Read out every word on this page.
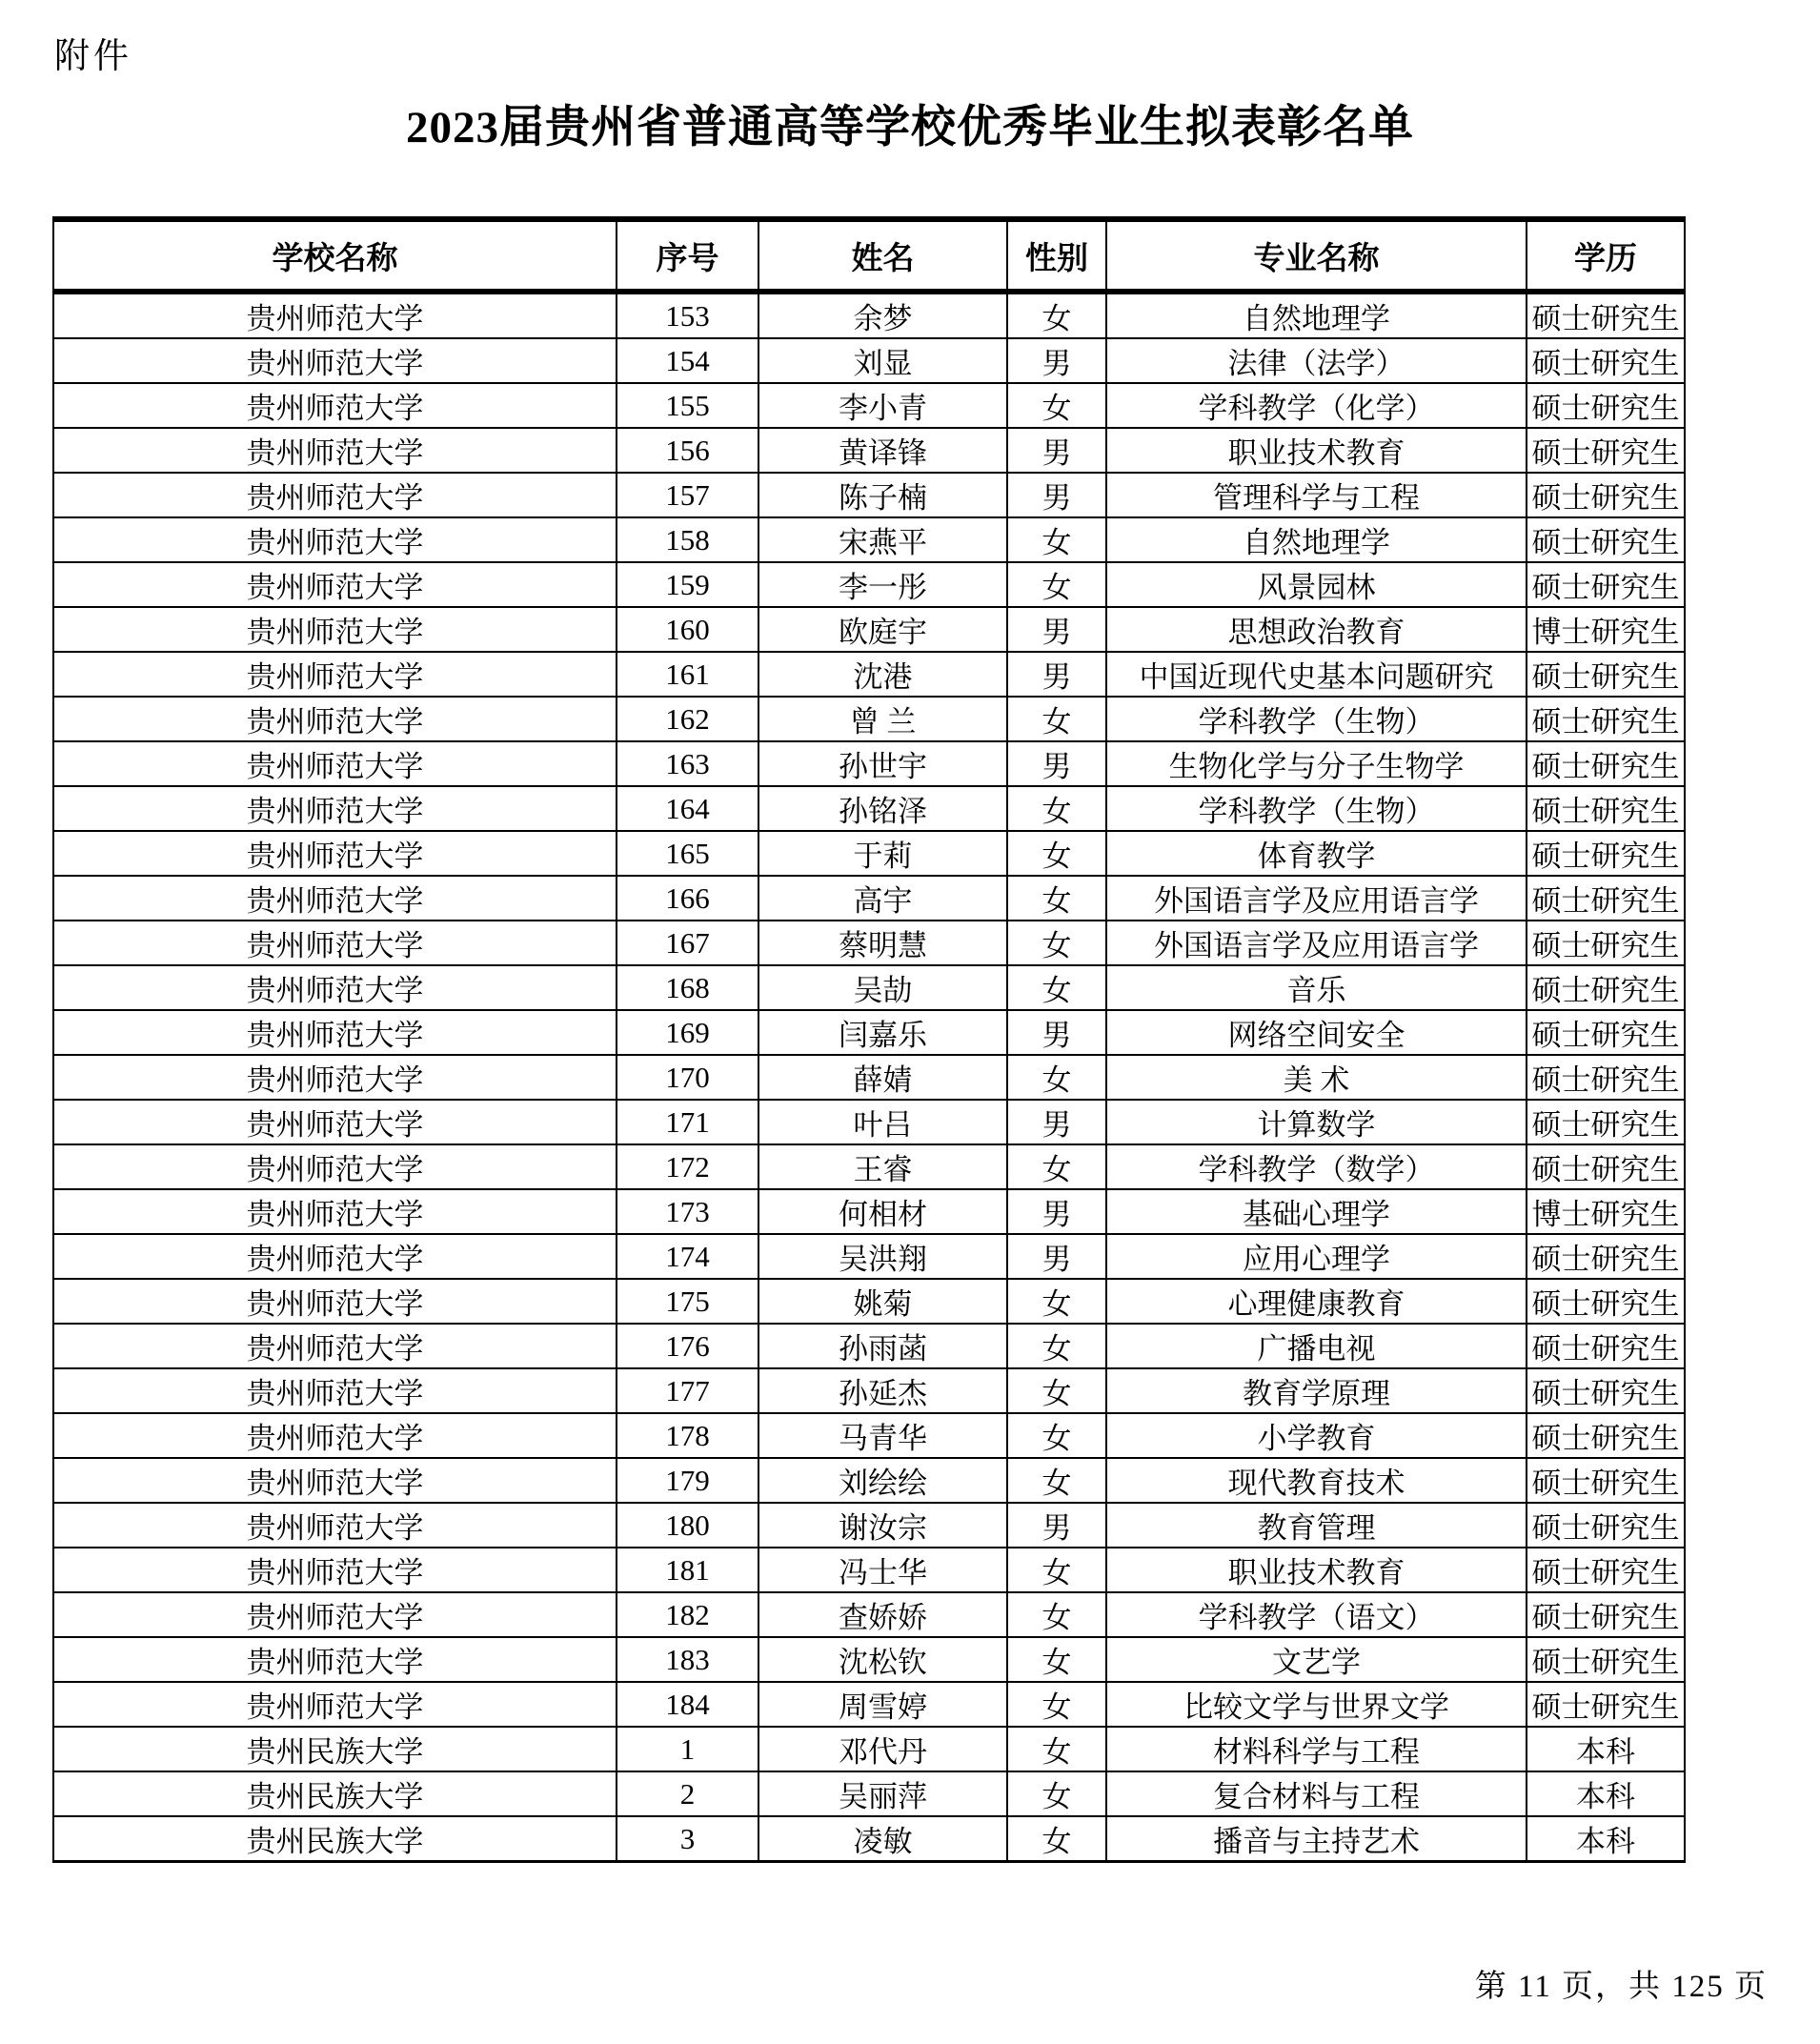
附件
2023届贵州省普通高等学校优秀毕业生拟表彰名单
学校名称	序号	姓名	性别	专业名称	学历
贵州师范大学	153	余梦	女	自然地理学	硕士研究生
贵州师范大学	154	刘显	男	法律（法学）	硕士研究生
贵州师范大学	155	李小青	女	学科教学（化学）	硕士研究生
贵州师范大学	156	黄译锋	男	职业技术教育	硕士研究生
贵州师范大学	157	陈子楠	男	管理科学与工程	硕士研究生
贵州师范大学	158	宋燕平	女	自然地理学	硕士研究生
贵州师范大学	159	李一彤	女	风景园林	硕士研究生
贵州师范大学	160	欧庭宇	男	思想政治教育	博士研究生
贵州师范大学	161	沈港	男	中国近现代史基本问题研究	硕士研究生
贵州师范大学	162	曾 兰	女	学科教学（生物）	硕士研究生
贵州师范大学	163	孙世宇	男	生物化学与分子生物学	硕士研究生
贵州师范大学	164	孙铭泽	女	学科教学（生物）	硕士研究生
贵州师范大学	165	于莉	女	体育教学	硕士研究生
贵州师范大学	166	高宇	女	外国语言学及应用语言学	硕士研究生
贵州师范大学	167	蔡明慧	女	外国语言学及应用语言学	硕士研究生
贵州师范大学	168	吴劼	女	音乐	硕士研究生
贵州师范大学	169	闫嘉乐	男	网络空间安全	硕士研究生
贵州师范大学	170	薛婧	女	美 术	硕士研究生
贵州师范大学	171	叶吕	男	计算数学	硕士研究生
贵州师范大学	172	王睿	女	学科教学（数学）	硕士研究生
贵州师范大学	173	何相材	男	基础心理学	博士研究生
贵州师范大学	174	吴洪翔	男	应用心理学	硕士研究生
贵州师范大学	175	姚菊	女	心理健康教育	硕士研究生
贵州师范大学	176	孙雨菡	女	广播电视	硕士研究生
贵州师范大学	177	孙延杰	女	教育学原理	硕士研究生
贵州师范大学	178	马青华	女	小学教育	硕士研究生
贵州师范大学	179	刘绘绘	女	现代教育技术	硕士研究生
贵州师范大学	180	谢汝宗	男	教育管理	硕士研究生
贵州师范大学	181	冯士华	女	职业技术教育	硕士研究生
贵州师范大学	182	查娇娇	女	学科教学（语文）	硕士研究生
贵州师范大学	183	沈松钦	女	文艺学	硕士研究生
贵州师范大学	184	周雪婷	女	比较文学与世界文学	硕士研究生
贵州民族大学	1	邓代丹	女	材料科学与工程	本科
贵州民族大学	2	吴丽萍	女	复合材料与工程	本科
贵州民族大学	3	凌敏	女	播音与主持艺术	本科
第 11 页，共 125 页
